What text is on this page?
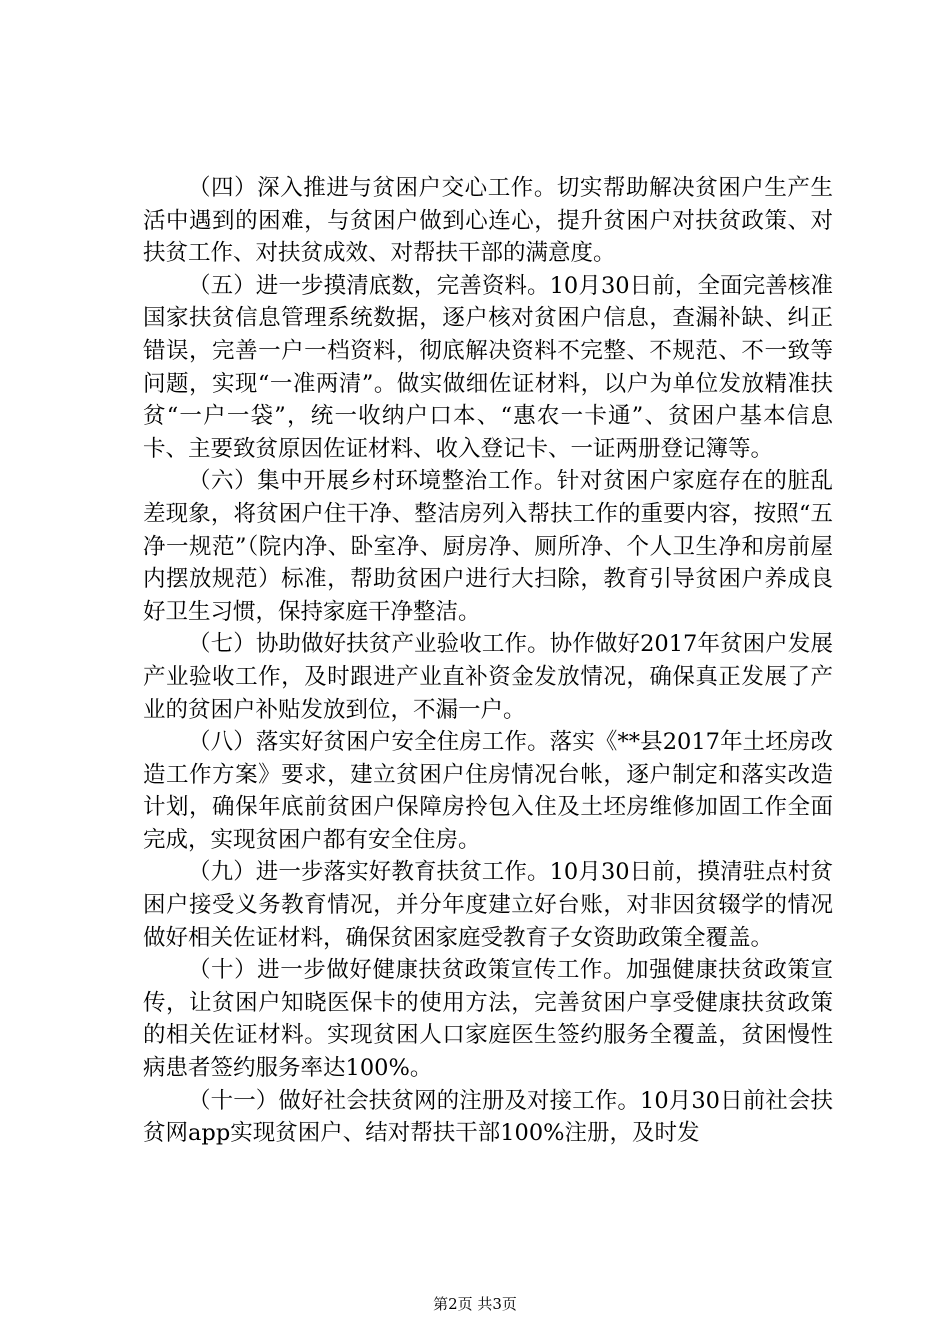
（四）深入推进与贫困户交心工作。切实帮助解决贫困户生产生活中遇到的困难，与贫困户做到心连心，提升贫困户对扶贫政策、对扶贫工作、对扶贫成效、对帮扶干部的满意度。

（五）进一步摸清底数，完善资料。10月30日前，全面完善核准国家扶贫信息管理系统数据，逐户核对贫困户信息，查漏补缺、纠正错误，完善一户一档资料，彻底解决资料不完整、不规范、不一致等问题，实现“一准两清”。做实做细佐证材料，以户为单位发放精准扶贫“一户一袋”，统一收纳户口本、“惠农一卡通”、贫困户基本信息卡、主要致贫原因佐证材料、收入登记卡、一证两册登记簿等。

（六）集中开展乡村环境整治工作。针对贫困户家庭存在的脏乱差现象，将贫困户住干净、整洁房列入帮扶工作的重要内容，按照“五净一规范”（院内净、卧室净、厨房净、厕所净、个人卫生净和房前屋内摆放规范）标准，帮助贫困户进行大扫除，教育引导贫困户养成良好卫生习惯，保持家庭干净整洁。

（七）协助做好扶贫产业验收工作。协作做好2017年贫困户发展产业验收工作，及时跟进产业直补资金发放情况，确保真正发展了产业的贫困户补贴发放到位，不漏一户。

（八）落实好贫困户安全住房工作。落实《**县2017年土坯房改造工作方案》要求，建立贫困户住房情况台帐，逐户制定和落实改造计划，确保年底前贫困户保障房拎包入住及土坯房维修加固工作全面完成，实现贫困户都有安全住房。

（九）进一步落实好教育扶贫工作。10月30日前，摸清驻点村贫困户接受义务教育情况，并分年度建立好台账，对非因贫辍学的情况做好相关佐证材料，确保贫困家庭受教育子女资助政策全覆盖。

（十）进一步做好健康扶贫政策宣传工作。加强健康扶贫政策宣传，让贫困户知晓医保卡的使用方法，完善贫困户享受健康扶贫政策的相关佐证材料。实现贫困人口家庭医生签约服务全覆盖，贫困慢性病患者签约服务率达100%。

（十一）做好社会扶贫网的注册及对接工作。10月30日前社会扶贫网app实现贫困户、结对帮扶干部100%注册，及时发

第2页 共3页
